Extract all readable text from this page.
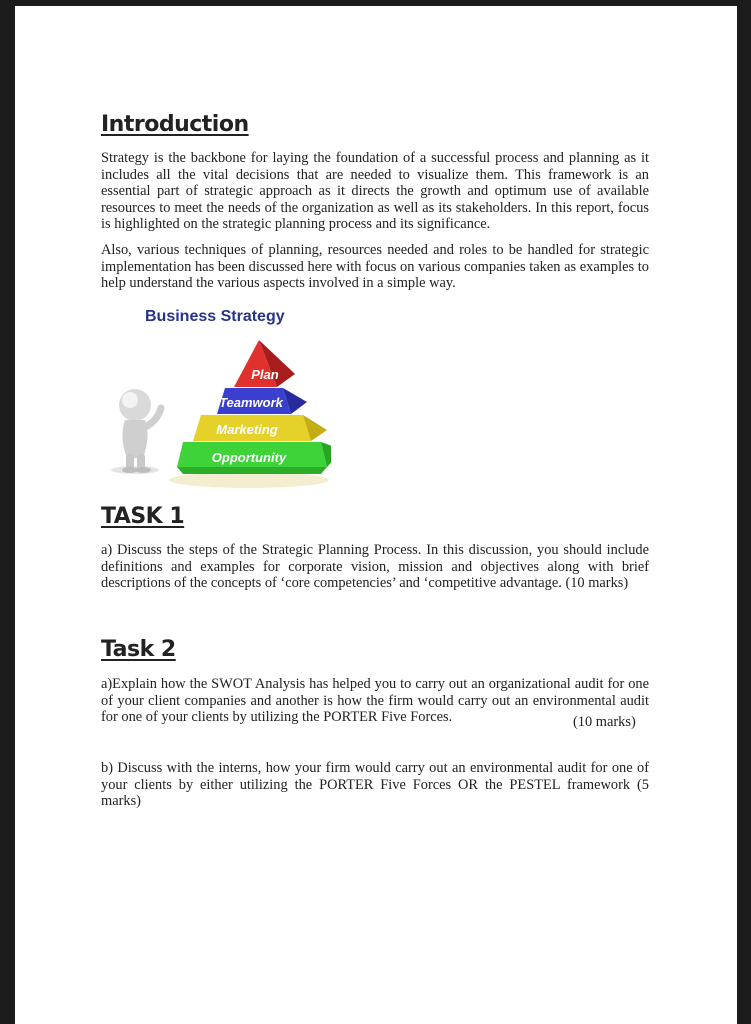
Introduction

Strategy is the backbone for laying the foundation of a successful process and planning as it includes all the vital decisions that are needed to visualize them. This framework is an essential part of strategic approach as it directs the growth and optimum use of available resources to meet the needs of the organization as well as its stakeholders. In this report, focus is highlighted on the strategic planning process and its significance.

Also, various techniques of planning, resources needed and roles to be handled for strategic implementation has been discussed here with focus on various companies taken as examples to help understand the various aspects involved in a simple way.

Business Strategy
Opportunity
Marketing
Teamwork
Plan
TASK 1

a) Discuss the steps of the Strategic Planning Process. In this discussion, you should include definitions and examples for corporate vision, mission and objectives along with brief descriptions of the concepts of ‘core competencies’ and ‘competitive advantage. (10 marks)

Task 2

a)Explain how the SWOT Analysis has helped you to carry out an organizational audit for one of your client companies and another is how the firm would carry out an environmental audit for one of your clients by utilizing the PORTER Five Forces.	(10 marks)

b) Discuss with the interns, how your firm would carry out an environmental audit for one of your clients by either utilizing the PORTER Five Forces OR the PESTEL framework (5 marks)
